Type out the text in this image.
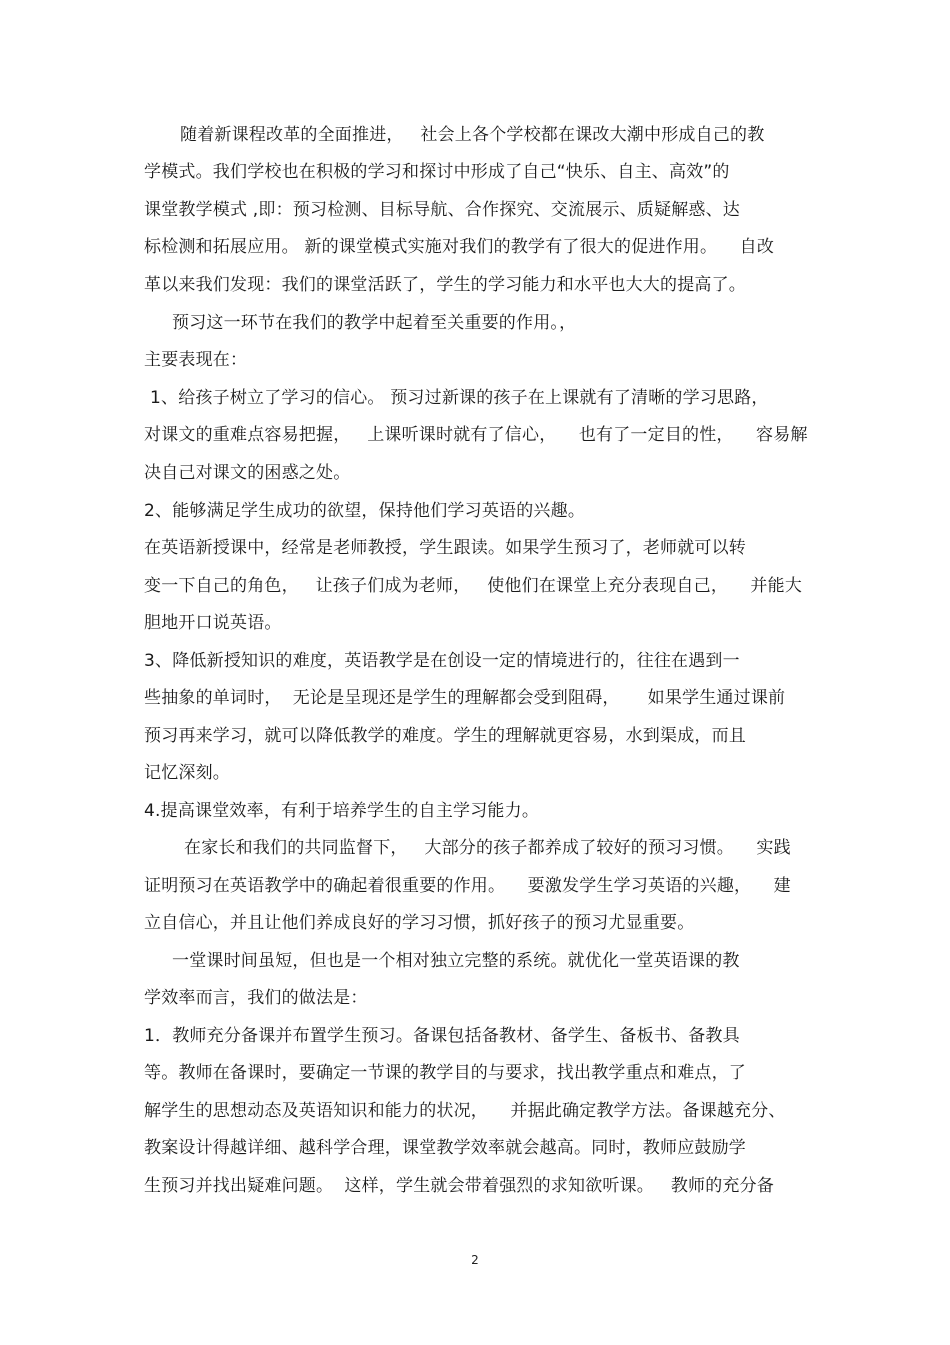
随着新课程改革的全面推进，   社会上各个学校都在课改大潮中形成自己的教
学模式。我们学校也在积极的学习和探讨中形成了自己“快乐、自主、高效”的
课堂教学模式 ,即：预习检测、目标导航、合作探究、交流展示、质疑解惑、达
标检测和拓展应用。 新的课堂模式实施对我们的教学有了很大的促进作用。    自改
革以来我们发现：我们的课堂活跃了，学生的学习能力和水平也大大的提高了。
预习这一环节在我们的教学中起着至关重要的作用。，
主要表现在：
1、给孩子树立了学习的信心。 预习过新课的孩子在上课就有了清晰的学习思路，
对课文的重难点容易把握，   上课听课时就有了信心，    也有了一定目的性，    容易解
决自己对课文的困惑之处。
2、能够满足学生成功的欲望，保持他们学习英语的兴趣。
在英语新授课中，经常是老师教授，学生跟读。如果学生预习了，老师就可以转
变一下自己的角色，   让孩子们成为老师，   使他们在课堂上充分表现自己，    并能大
胆地开口说英语。
3、降低新授知识的难度，英语教学是在创设一定的情境进行的，往往在遇到一
些抽象的单词时，  无论是呈现还是学生的理解都会受到阻碍，     如果学生通过课前
预习再来学习，就可以降低教学的难度。学生的理解就更容易，水到渠成，而且
记忆深刻。
4.提高课堂效率，有利于培养学生的自主学习能力。
在家长和我们的共同监督下，   大部分的孩子都养成了较好的预习习惯。    实践
证明预习在英语教学中的确起着很重要的作用。    要激发学生学习英语的兴趣，    建
立自信心，并且让他们养成良好的学习习惯，抓好孩子的预习尤显重要。
一堂课时间虽短，但也是一个相对独立完整的系统。就优化一堂英语课的教
学效率而言，我们的做法是：
1．教师充分备课并布置学生预习。备课包括备教材、备学生、备板书、备教具
等。教师在备课时，要确定一节课的教学目的与要求，找出教学重点和难点，了
解学生的思想动态及英语知识和能力的状况，    并据此确定教学方法。备课越充分、
教案设计得越详细、越科学合理，课堂教学效率就会越高。同时，教师应鼓励学
生预习并找出疑难问题。  这样，学生就会带着强烈的求知欲听课。   教师的充分备
2
